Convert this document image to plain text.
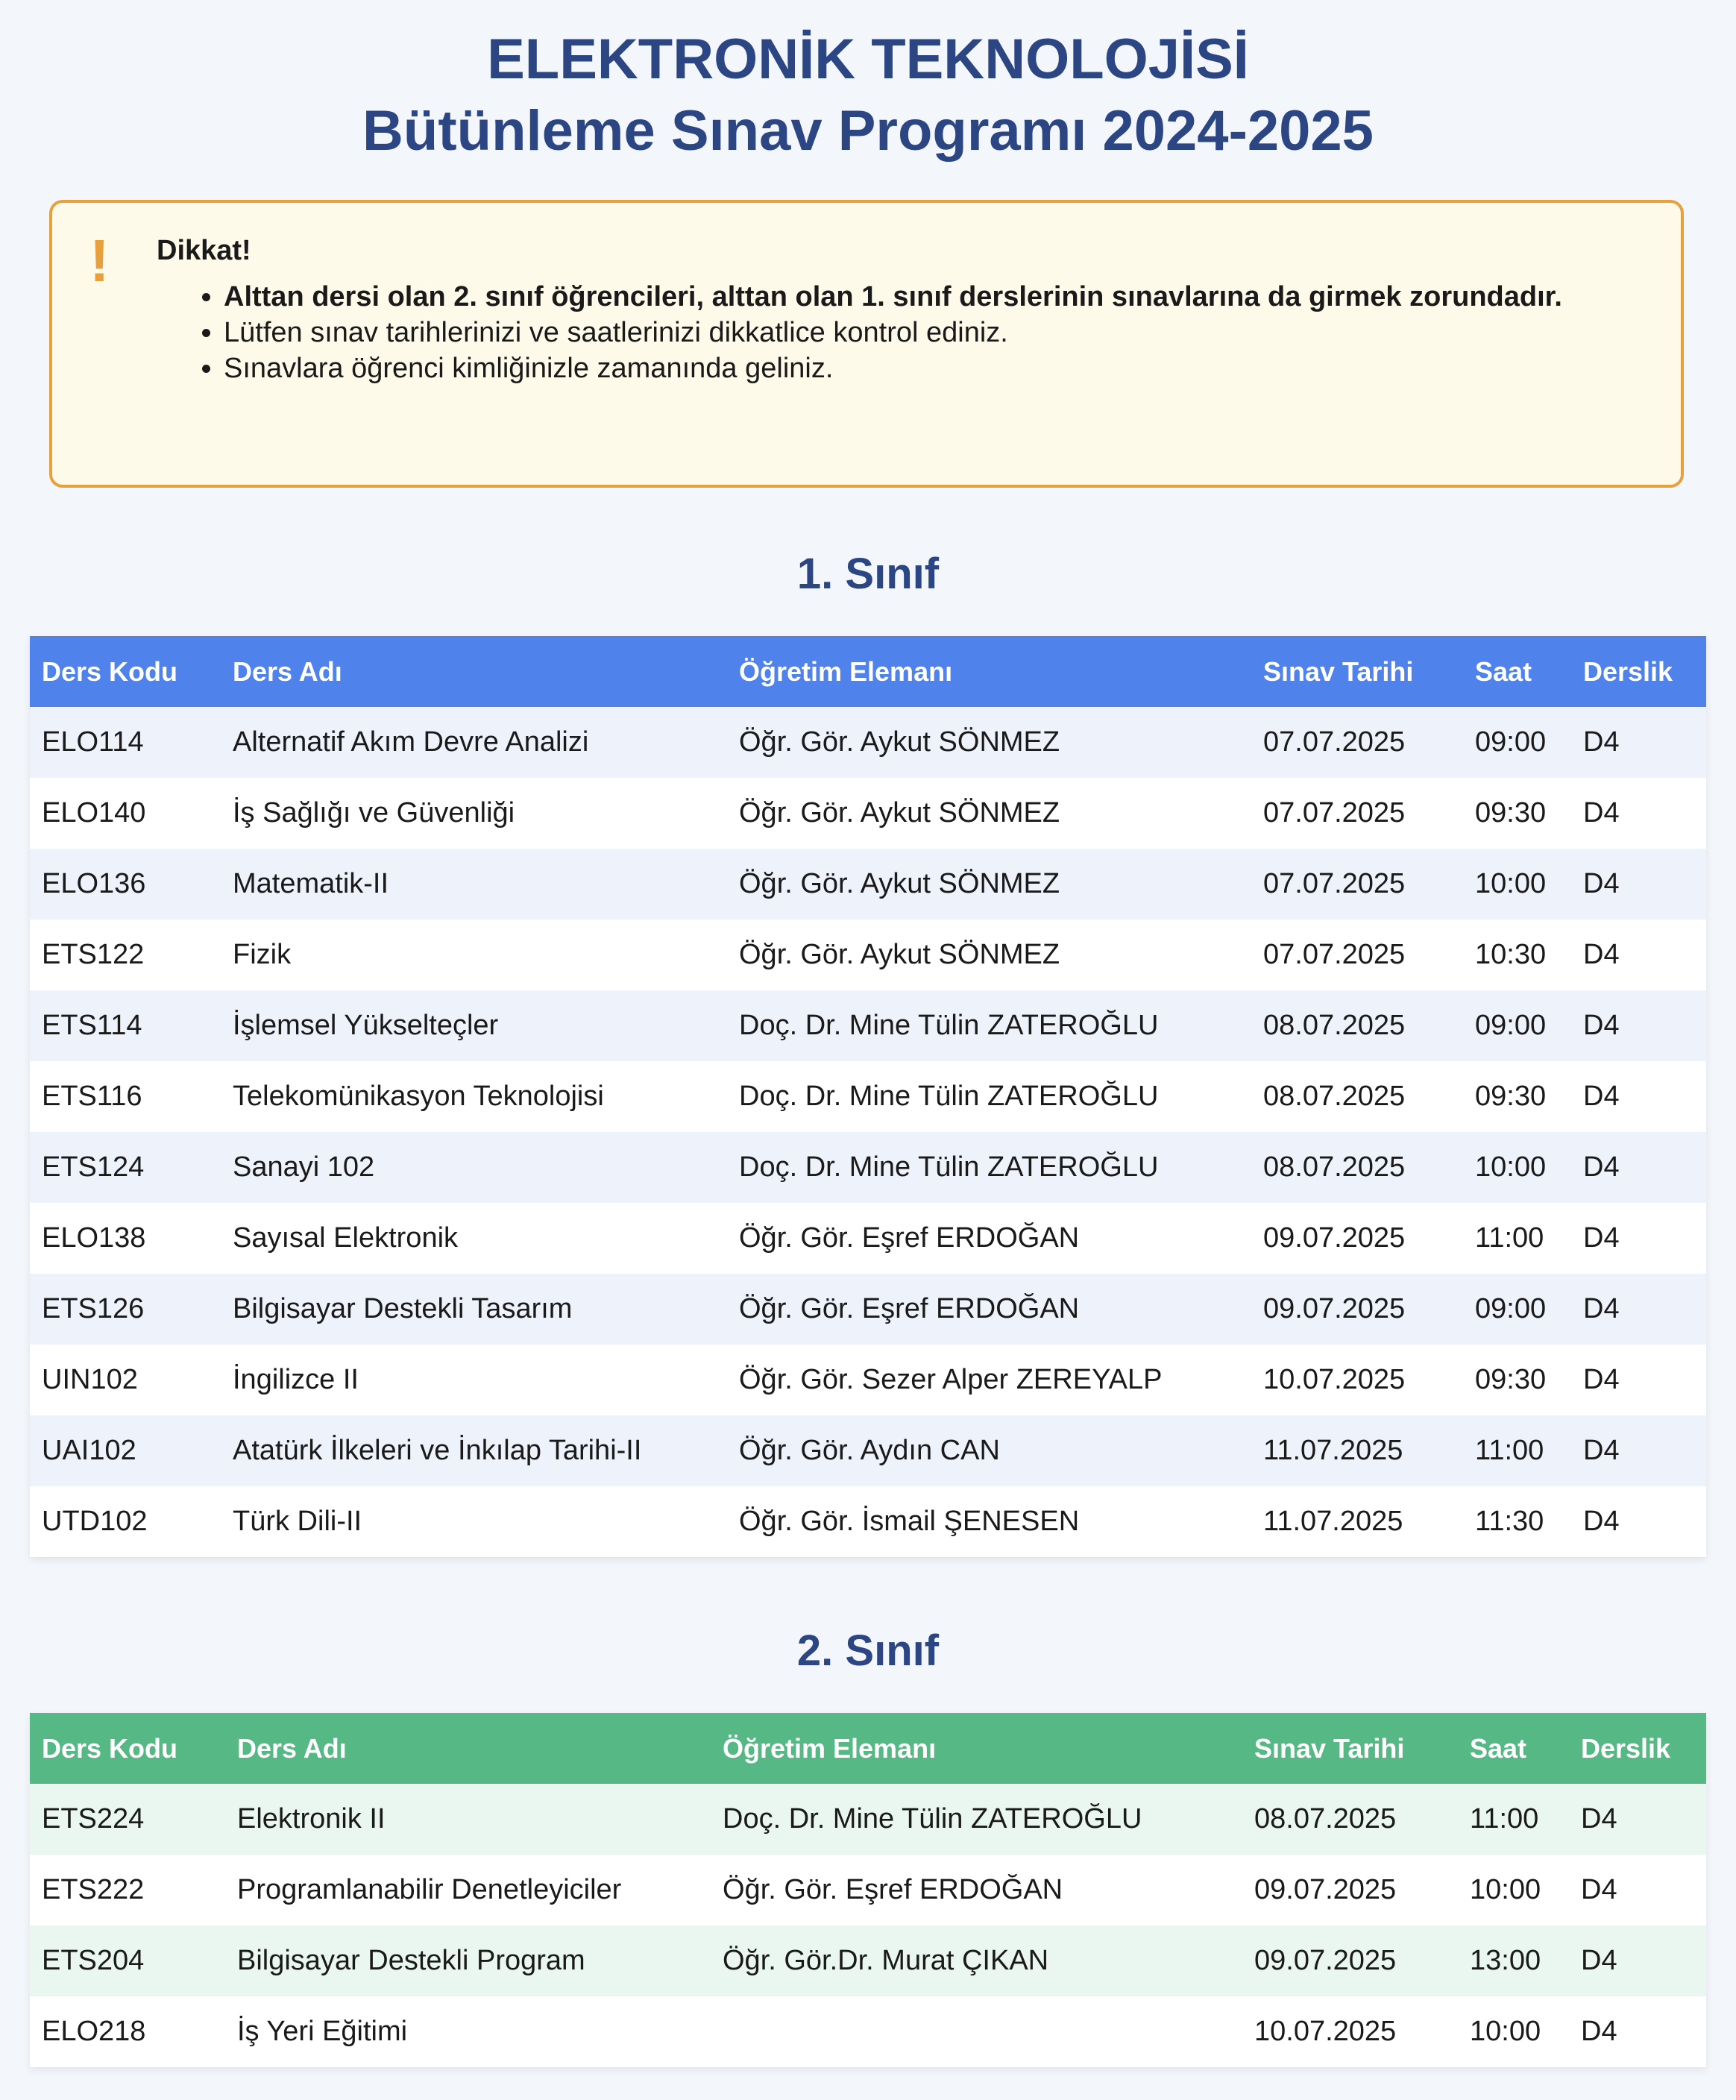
ELEKTRONİK TEKNOLOJİSİ
Bütünleme Sınav Programı 2024-2025
! Dikkat!
• Alttan dersi olan 2. sınıf öğrencileri, alttan olan 1. sınıf derslerinin sınavlarına da girmek zorundadır.
• Lütfen sınav tarihlerinizi ve saatlerinizi dikkatlice kontrol ediniz.
• Sınavlara öğrenci kimliğinizle zamanında geliniz.
1. Sınıf
Ders Kodu	Ders Adı	Öğretim Elemanı	Sınav Tarihi	Saat	Derslik
ELO114	Alternatif Akım Devre Analizi	Öğr. Gör. Aykut SÖNMEZ	07.07.2025	09:00	D4
ELO140	İş Sağlığı ve Güvenliği	Öğr. Gör. Aykut SÖNMEZ	07.07.2025	09:30	D4
ELO136	Matematik-II	Öğr. Gör. Aykut SÖNMEZ	07.07.2025	10:00	D4
ETS122	Fizik	Öğr. Gör. Aykut SÖNMEZ	07.07.2025	10:30	D4
ETS114	İşlemsel Yükselteçler	Doç. Dr. Mine Tülin ZATEROĞLU	08.07.2025	09:00	D4
ETS116	Telekomünikasyon Teknolojisi	Doç. Dr. Mine Tülin ZATEROĞLU	08.07.2025	09:30	D4
ETS124	Sanayi 102	Doç. Dr. Mine Tülin ZATEROĞLU	08.07.2025	10:00	D4
ELO138	Sayısal Elektronik	Öğr. Gör. Eşref ERDOĞAN	09.07.2025	11:00	D4
ETS126	Bilgisayar Destekli Tasarım	Öğr. Gör. Eşref ERDOĞAN	09.07.2025	09:00	D4
UIN102	İngilizce II	Öğr. Gör. Sezer Alper ZEREYALP	10.07.2025	09:30	D4
UAI102	Atatürk İlkeleri ve İnkılap Tarihi-II	Öğr. Gör. Aydın CAN	11.07.2025	11:00	D4
UTD102	Türk Dili-II	Öğr. Gör. İsmail ŞENESEN	11.07.2025	11:30	D4
2. Sınıf
Ders Kodu	Ders Adı	Öğretim Elemanı	Sınav Tarihi	Saat	Derslik
ETS224	Elektronik II	Doç. Dr. Mine Tülin ZATEROĞLU	08.07.2025	11:00	D4
ETS222	Programlanabilir Denetleyiciler	Öğr. Gör. Eşref ERDOĞAN	09.07.2025	10:00	D4
ETS204	Bilgisayar Destekli Program	Öğr. Gör.Dr. Murat ÇIKAN	09.07.2025	13:00	D4
ELO218	İş Yeri Eğitimi		10.07.2025	10:00	D4
